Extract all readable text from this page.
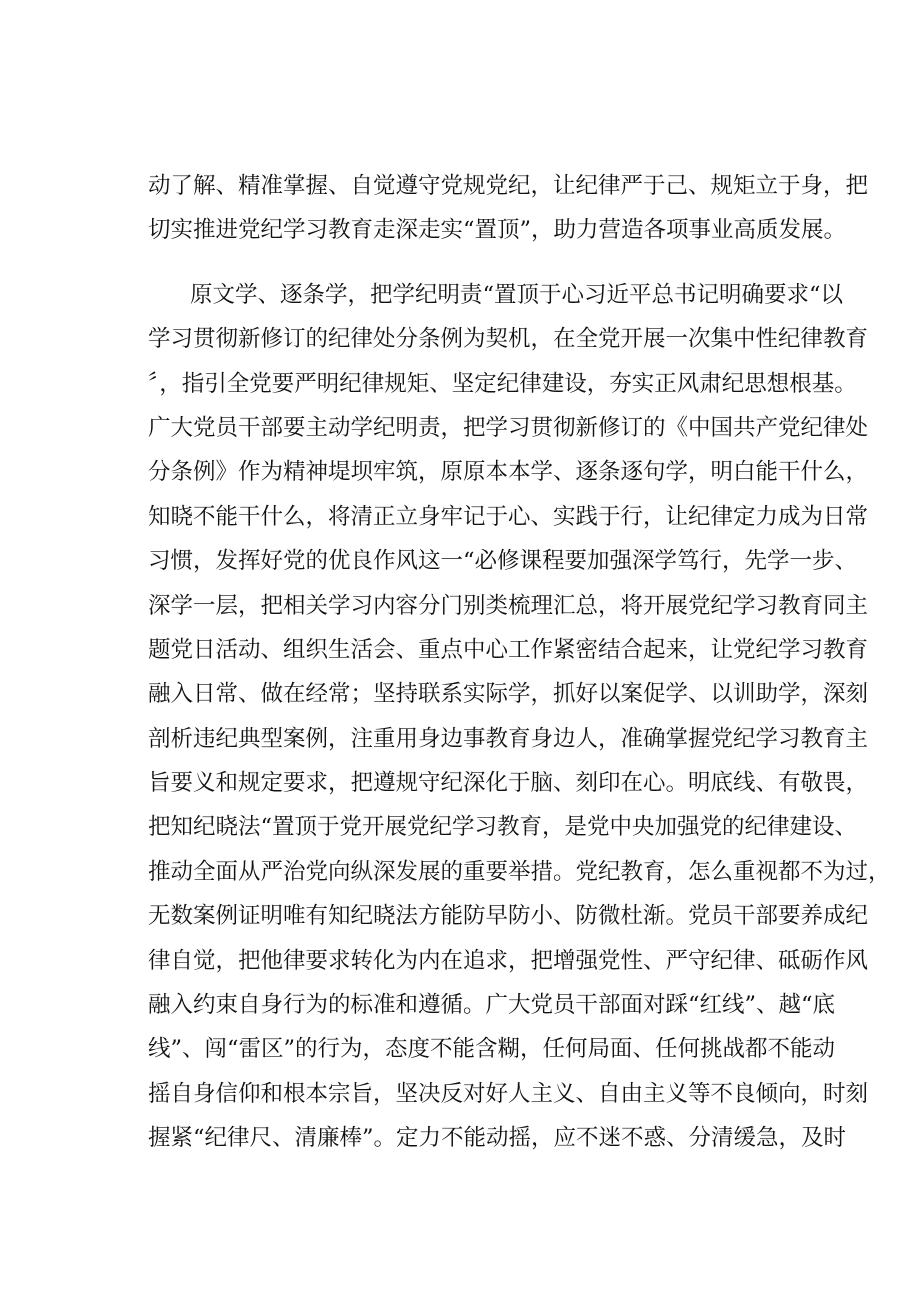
动了解、精准掌握、自觉遵守党规党纪，让纪律严于己、规矩立于身，把
切实推进党纪学习教育走深走实“置顶”，助力营造各项事业高质发展。
原文学、逐条学，把学纪明责“置顶于心习近平总书记明确要求“以
学习贯彻新修订的纪律处分条例为契机，在全党开展一次集中性纪律教育
〞，指引全党要严明纪律规矩、坚定纪律建设，夯实正风肃纪思想根基。
广大党员干部要主动学纪明责，把学习贯彻新修订的《中国共产党纪律处
分条例》作为精神堤坝牢筑，原原本本学、逐条逐句学，明白能干什么，
知晓不能干什么，将清正立身牢记于心、实践于行，让纪律定力成为日常
习惯，发挥好党的优良作风这一“必修课程要加强深学笃行，先学一步、
深学一层，把相关学习内容分门别类梳理汇总，将开展党纪学习教育同主
题党日活动、组织生活会、重点中心工作紧密结合起来，让党纪学习教育
融入日常、做在经常；坚持联系实际学，抓好以案促学、以训助学，深刻
剖析违纪典型案例，注重用身边事教育身边人，准确掌握党纪学习教育主
旨要义和规定要求，把遵规守纪深化于脑、刻印在心。明底线、有敬畏，
把知纪晓法“置顶于党开展党纪学习教育，是党中央加强党的纪律建设、
推动全面从严治党向纵深发展的重要举措。党纪教育，怎么重视都不为过，
无数案例证明唯有知纪晓法方能防早防小、防微杜渐。党员干部要养成纪
律自觉，把他律要求转化为内在追求，把增强党性、严守纪律、砥砺作风
融入约束自身行为的标准和遵循。广大党员干部面对踩“红线”、越“底
线”、闯“雷区”的行为，态度不能含糊，任何局面、任何挑战都不能动
摇自身信仰和根本宗旨，坚决反对好人主义、自由主义等不良倾向，时刻
握紧“纪律尺、清廉棒”。定力不能动摇，应不迷不惑、分清缓急，及时
